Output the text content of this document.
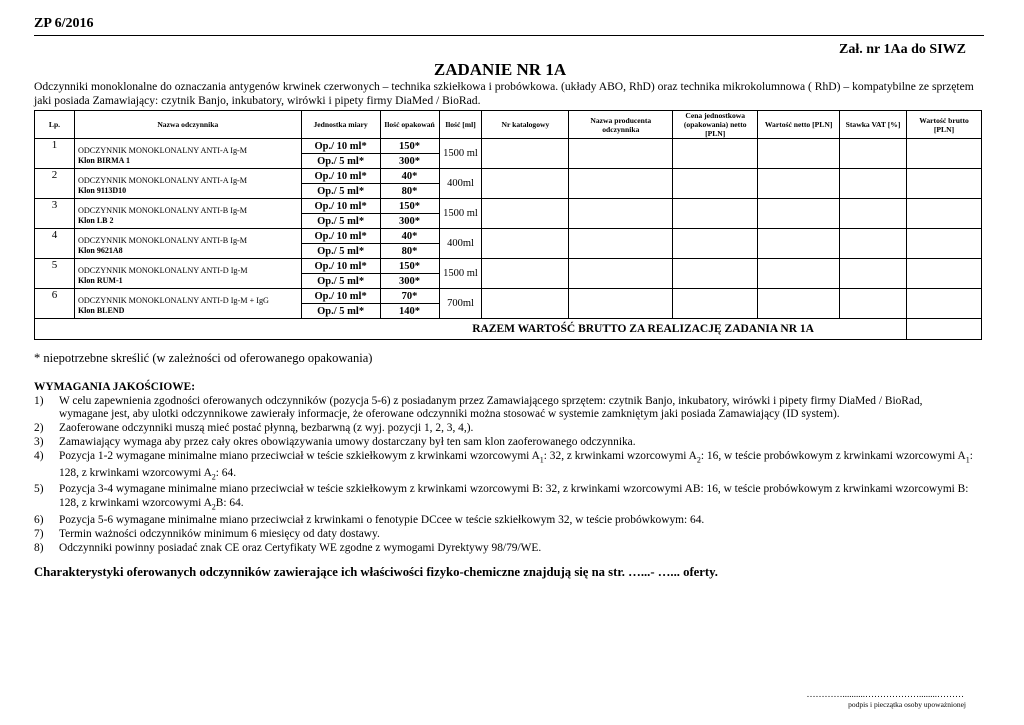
ZP 6/2016
Zał. nr 1Aa do SIWZ
ZADANIE NR 1A
Odczynniki monoklonalne do oznaczania antygenów krwinek czerwonych – technika szkiełkowa i probówkowa. (układy ABO, RhD) oraz technika mikrokolumnowa ( RhD) – kompatybilne ze sprzętem jaki posiada Zamawiający: czytnik Banjo, inkubatory, wirówki i pipety firmy DiaMed / BioRad.
Lp.	Nazwa odczynnika	Jednostka miary	Ilość opakowań	Ilość [ml]	Nr katalogowy	Nazwa producenta odczynnika	Cena jednostkowa (opakowania) netto [PLN]	Wartość netto [PLN]	Stawka VAT [%]	Wartość brutto [PLN]
1	ODCZYNNIK MONOKLONALNY ANTI-A Ig-M
Klon BIRMA 1	Op./ 10 ml*	150*	1500 ml						
		Op./ 5 ml*	300*							
2	ODCZYNNIK MONOKLONALNY ANTI-A Ig-M
Klon 9113D10	Op./ 10 ml*	40*	400ml						
		Op./ 5 ml*	80*							
3	ODCZYNNIK MONOKLONALNY ANTI-B Ig-M
Klon LB 2	Op./ 10 ml*	150*	1500 ml						
		Op./ 5 ml*	300*							
4	ODCZYNNIK MONOKLONALNY ANTI-B Ig-M
Klon 9621A8	Op./ 10 ml*	40*	400ml						
		Op./ 5 ml*	80*							
5	ODCZYNNIK MONOKLONALNY ANTI-D Ig-M
Klon RUM-1	Op./ 10 ml*	150*	1500 ml						
		Op./ 5 ml*	300*							
6	ODCZYNNIK MONOKLONALNY ANTI-D Ig-M + IgG
Klon BLEND	Op./ 10 ml*	70*	700ml						
		Op./ 5 ml*	140*							
RAZEM WARTOŚĆ BRUTTO ZA REALIZACJĘ ZADANIA NR 1A										
* niepotrzebne skreślić (w zależności od oferowanego opakowania)
WYMAGANIA JAKOŚCIOWE:
1)	W celu zapewnienia zgodności oferowanych odczynników (pozycja 5-6) z posiadanym przez Zamawiającego sprzętem: czytnik Banjo, inkubatory, wirówki i pipety firmy DiaMed / BioRad, wymagane jest, aby ulotki odczynnikowe zawierały informacje, że oferowane odczynniki można stosować w systemie zamkniętym jaki posiada Zamawiający (ID system).
2)	Zaoferowane odczynniki muszą mieć postać płynną, bezbarwną (z wyj. pozycji 1, 2, 3, 4,).
3)	Zamawiający wymaga aby przez cały okres obowiązywania umowy dostarczany był ten sam klon zaoferowanego odczynnika.
4)	Pozycja 1-2 wymagane minimalne miano przeciwciał w teście szkiełkowym z krwinkami wzorcowymi $A_1$: 32, z krwinkami wzorcowymi $A_2$: 16, w teście probówkowym z krwinkami wzorcowymi $A_1$: 128, z krwinkami wzorcowymi $A_2$: 64.
5)	Pozycja 3-4 wymagane minimalne miano przeciwciał w teście szkiełkowym z krwinkami wzorcowymi B: 32, z krwinkami wzorcowymi AB: 16, w teście probówkowym z krwinkami wzorcowymi B: 128, z krwinkami wzorcowymi $A_2B$: 64.
6)	Pozycja 5-6 wymagane minimalne miano przeciwciał z krwinkami o fenotypie DCcee w teście szkiełkowym 32, w teście probówkowym: 64.
7)	Termin ważności odczynników minimum 6 miesięcy od daty dostawy.
8)	Odczynniki powinny posiadać znak CE oraz Certyfikaty WE zgodne z wymogami Dyrektywy 98/79/WE.
Charakterystyki oferowanych odczynników zawierające ich właściwości fizyko-chemiczne znajdują się na str. …...- …... oferty.
…………..........………………........………
podpis i pieczątka osoby upoważnionej
